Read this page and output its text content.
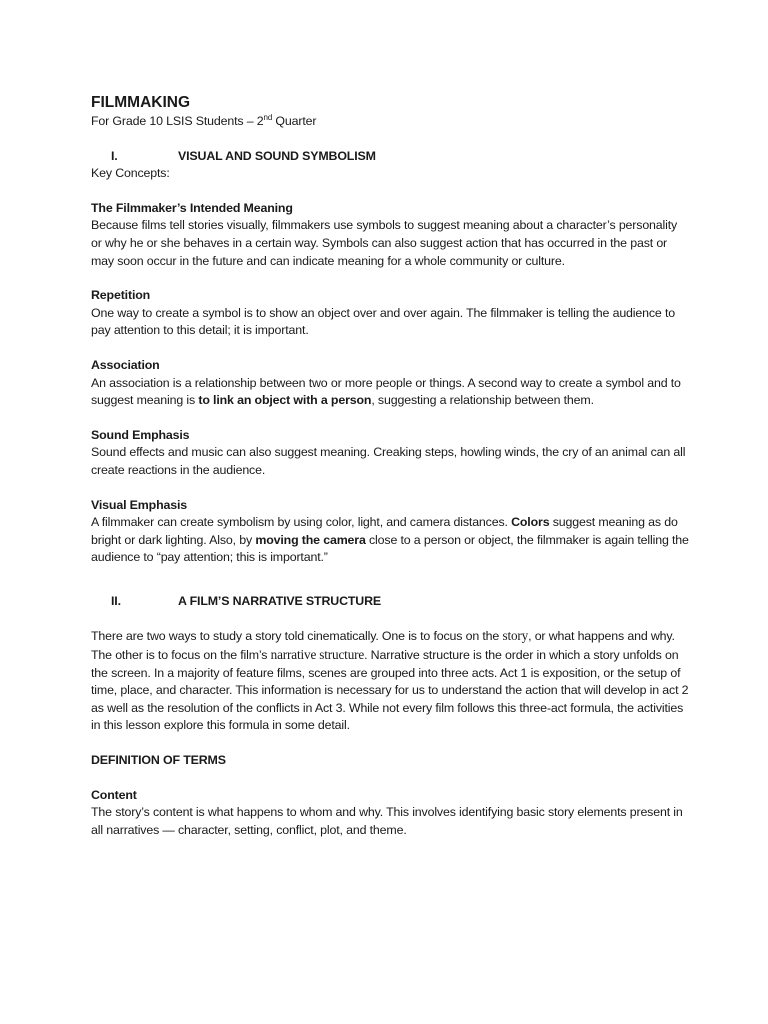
FILMMAKING

For Grade 10 LSIS Students – 2nd Quarter

I.	VISUAL AND SOUND SYMBOLISM

Key Concepts:

The Filmmaker’s Intended Meaning

Because films tell stories visually, filmmakers use symbols to suggest meaning about a character’s personality or why he or she behaves in a certain way. Symbols can also suggest action that has occurred in the past or may soon occur in the future and can indicate meaning for a whole community or culture.

Repetition

One way to create a symbol is to show an object over and over again. The filmmaker is telling the audience to pay attention to this detail; it is important.

Association

An association is a relationship between two or more people or things. A second way to create a symbol and to suggest meaning is to link an object with a person, suggesting a relationship between them.

Sound Emphasis

Sound effects and music can also suggest meaning. Creaking steps, howling winds, the cry of an animal can all create reactions in the audience.

Visual Emphasis

A filmmaker can create symbolism by using color, light, and camera distances. Colors suggest meaning as do bright or dark lighting. Also, by moving the camera close to a person or object, the filmmaker is again telling the audience to “pay attention; this is important.”

II.	A FILM’S NARRATIVE STRUCTURE

There are two ways to study a story told cinematically. One is to focus on the story, or what happens and why. The other is to focus on the film’s narrative structure. Narrative structure is the order in which a story unfolds on the screen. In a majority of feature films, scenes are grouped into three acts. Act 1 is exposition, or the setup of time, place, and character. This information is necessary for us to understand the action that will develop in act 2 as well as the resolution of the conflicts in Act 3. While not every film follows this three-act formula, the activities in this lesson explore this formula in some detail.

DEFINITION OF TERMS

Content

The story’s content is what happens to whom and why. This involves identifying basic story elements present in all narratives — character, setting, conflict, plot, and theme.
